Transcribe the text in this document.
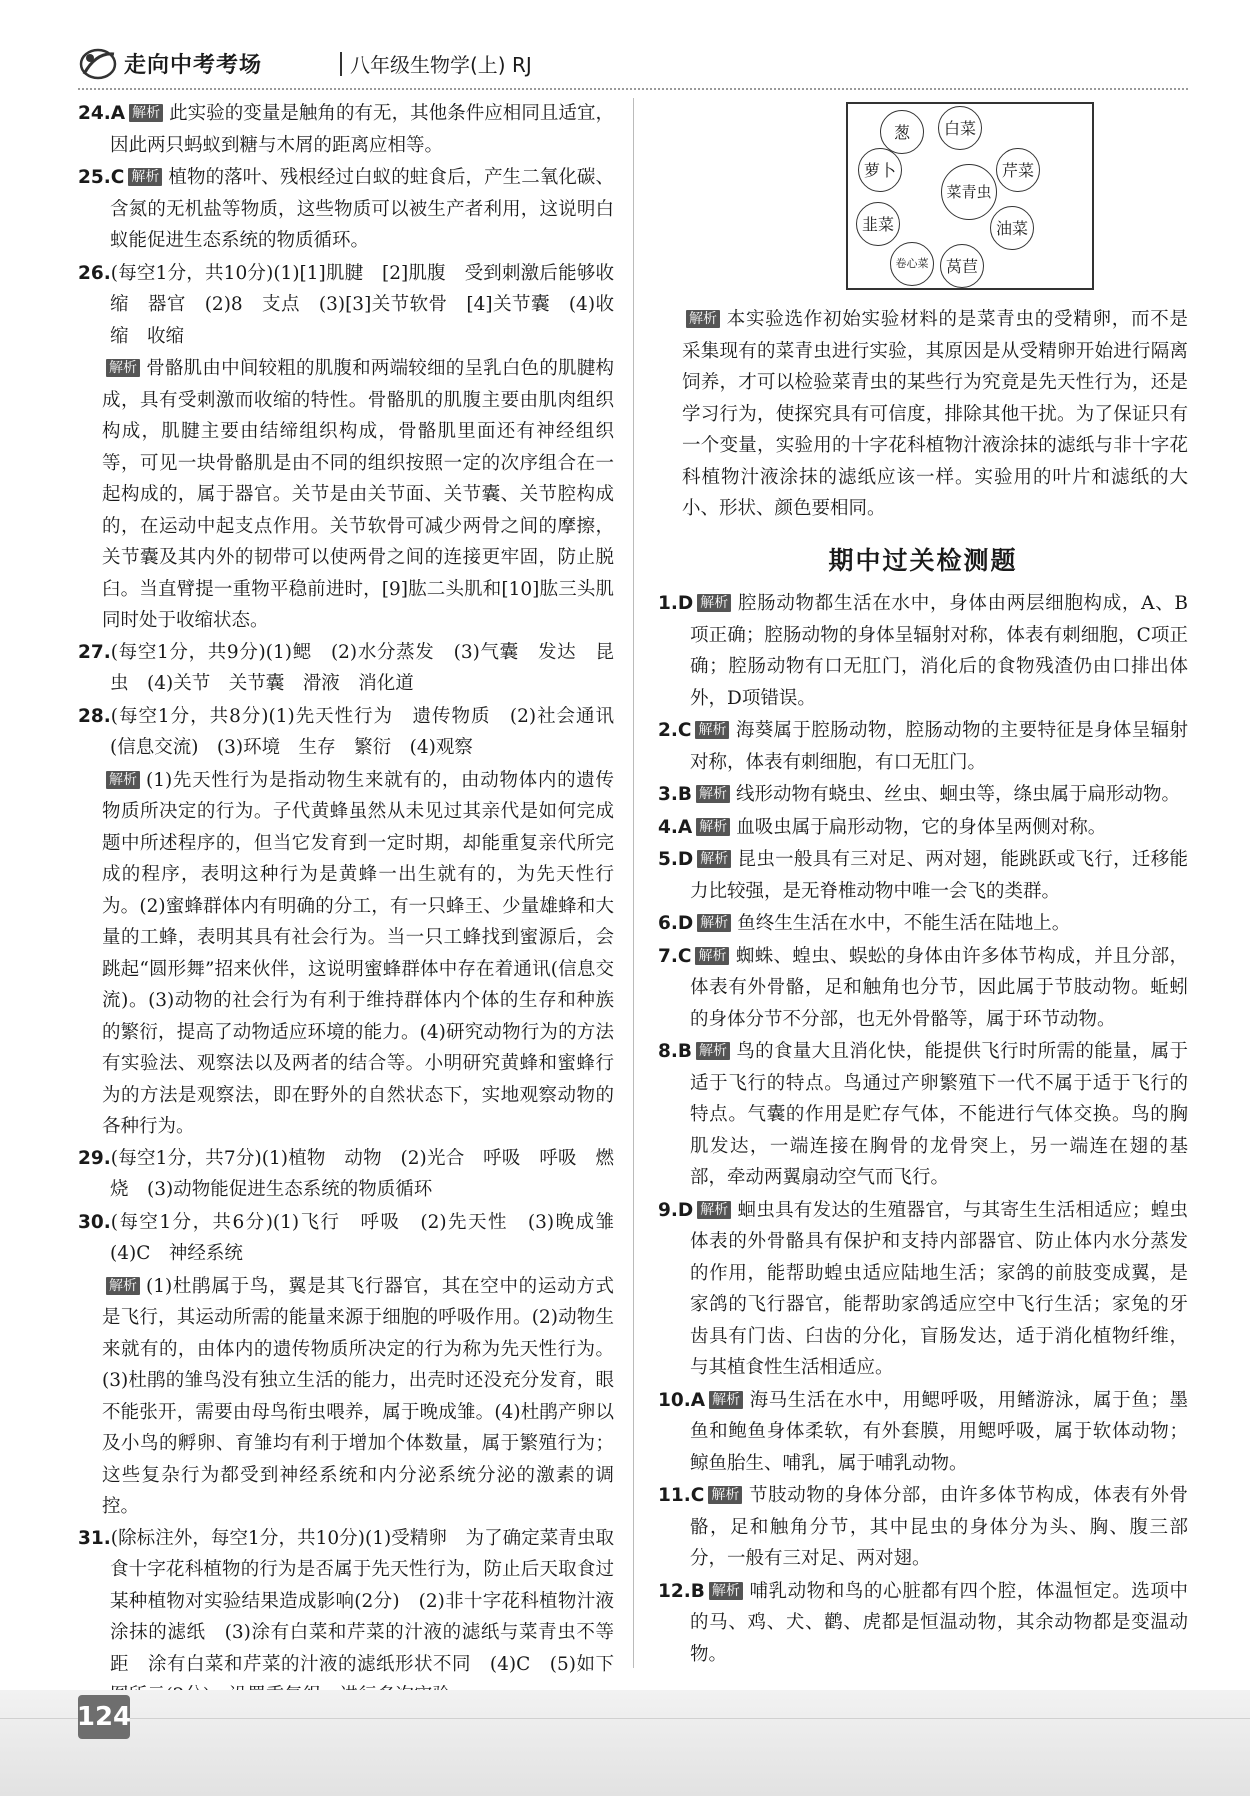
走向中考考场	八年级生物学(上) RJ
24.A 解析 此实验的变量是触角的有无，其他条件应相同且适宜，因此两只蚂蚁到糖与木屑的距离应相等。
25.C 解析 植物的落叶、残根经过白蚁的蛀食后，产生二氧化碳、含氮的无机盐等物质，这些物质可以被生产者利用，这说明白蚁能促进生态系统的物质循环。
26.(每空1分，共10分)(1)[1]肌腱　[2]肌腹　受到刺激后能够收缩　器官　(2)8　支点　(3)[3]关节软骨　[4]关节囊　(4)收缩　收缩
解析 骨骼肌由中间较粗的肌腹和两端较细的呈乳白色的肌腱构成，具有受刺激而收缩的特性。骨骼肌的肌腹主要由肌肉组织构成，肌腱主要由结缔组织构成，骨骼肌里面还有神经组织等，可见一块骨骼肌是由不同的组织按照一定的次序组合在一起构成的，属于器官。关节是由关节面、关节囊、关节腔构成的，在运动中起支点作用。关节软骨可减少两骨之间的摩擦，关节囊及其内外的韧带可以使两骨之间的连接更牢固，防止脱臼。当直臂提一重物平稳前进时，[9]肱二头肌和[10]肱三头肌同时处于收缩状态。
27.(每空1分，共9分)(1)鳃　(2)水分蒸发　(3)气囊　发达　昆虫　(4)关节　关节囊　滑液　消化道
28.(每空1分，共8分)(1)先天性行为　遗传物质　(2)社会通讯(信息交流)　(3)环境　生存　繁衍　(4)观察
解析 (1)先天性行为是指动物生来就有的，由动物体内的遗传物质所决定的行为。子代黄蜂虽然从未见过其亲代是如何完成题中所述程序的，但当它发育到一定时期，却能重复亲代所完成的程序，表明这种行为是黄蜂一出生就有的，为先天性行为。(2)蜜蜂群体内有明确的分工，有一只蜂王、少量雄蜂和大量的工蜂，表明其具有社会行为。当一只工蜂找到蜜源后，会跳起“圆形舞”招来伙伴，这说明蜜蜂群体中存在着通讯(信息交流)。(3)动物的社会行为有利于维持群体内个体的生存和种族的繁衍，提高了动物适应环境的能力。(4)研究动物行为的方法有实验法、观察法以及两者的结合等。小明研究黄蜂和蜜蜂行为的方法是观察法，即在野外的自然状态下，实地观察动物的各种行为。
29.(每空1分，共7分)(1)植物　动物　(2)光合　呼吸　呼吸　燃烧　(3)动物能促进生态系统的物质循环
30.(每空1分，共6分)(1)飞行　呼吸　(2)先天性　(3)晚成雏　(4)C　神经系统
解析 (1)杜鹃属于鸟，翼是其飞行器官，其在空中的运动方式是飞行，其运动所需的能量来源于细胞的呼吸作用。(2)动物生来就有的，由体内的遗传物质所决定的行为称为先天性行为。(3)杜鹃的雏鸟没有独立生活的能力，出壳时还没充分发育，眼不能张开，需要由母鸟衔虫喂养，属于晚成雏。(4)杜鹃产卵以及小鸟的孵卵、育雏均有利于增加个体数量，属于繁殖行为；这些复杂行为都受到神经系统和内分泌系统分泌的激素的调控。
31.(除标注外，每空1分，共10分)(1)受精卵　为了确定菜青虫取食十字花科植物的行为是否属于先天性行为，防止后天取食过某种植物对实验结果造成影响(2分)　(2)非十字花科植物汁液涂抹的滤纸　(3)涂有白菜和芹菜的汁液的滤纸与菜青虫不等距　涂有白菜和芹菜的汁液的滤纸形状不同　(4)C　(5)如下　
菜青虫
葱	白菜
芹菜
油菜
莴苣
卷心菜
韭菜
萝卜
解析 本实验选作初始实验材料的是菜青虫的受精卵，而不是采集现有的菜青虫进行实验，其原因是从受精卵开始进行隔离饲养，才可以检验菜青虫的某些行为究竟是先天性行为，还是学习行为，使探究具有可信度，排除其他干扰。为了保证只有一个变量，实验用的十字花科植物汁液涂抹的滤纸与非十字花科植物汁液涂抹的滤纸应该一样。实验用的叶片和滤纸的大小、形状、颜色要相同。
期中过关检测题
1.D 解析 腔肠动物都生活在水中，身体由两层细胞构成，A、B项正确；腔肠动物的身体呈辐射对称，体表有刺细胞，C项正确；腔肠动物有口无肛门，消化后的食物残渣仍由口排出体外，D项错误。
2.C 解析 海葵属于腔肠动物，腔肠动物的主要特征是身体呈辐射对称，体表有刺细胞，有口无肛门。
3.B 解析 线形动物有蛲虫、丝虫、蛔虫等，绦虫属于扁形动物。
4.A 解析 血吸虫属于扁形动物，它的身体呈两侧对称。
5.D 解析 昆虫一般具有三对足、两对翅，能跳跃或飞行，迁移能力比较强，是无脊椎动物中唯一会飞的类群。
6.D 解析 鱼终生生活在水中，不能生活在陆地上。
7.C 解析 蜘蛛、蝗虫、蜈蚣的身体由许多体节构成，并且分部，体表有外骨骼，足和触角也分节，因此属于节肢动物。蚯蚓的身体分节不分部，也无外骨骼等，属于环节动物。
8.B 解析 鸟的食量大且消化快，能提供飞行时所需的能量，属于适于飞行的特点。鸟通过产卵繁殖下一代不属于适于飞行的特点。气囊的作用是贮存气体，不能进行气体交换。鸟的胸肌发达，一端连接在胸骨的龙骨突上，另一端连在翅的基部，牵动两翼扇动空气而飞行。
9.D 解析 蛔虫具有发达的生殖器官，与其寄生生活相适应；蝗虫体表的外骨骼具有保护和支持内部器官、防止体内水分蒸发的作用，能帮助蝗虫适应陆地生活；家鸽的前肢变成翼，是家鸽的飞行器官，能帮助家鸽适应空中飞行生活；家兔的牙齿具有门齿、臼齿的分化，盲肠发达，适于消化植物纤维，与其植食性生活相适应。
10.A 解析 海马生活在水中，用鳃呼吸，用鳍游泳，属于鱼；墨鱼和鲍鱼身体柔软，有外套膜，用鳃呼吸，属于软体动物；鲸鱼胎生、哺乳，属于哺乳动物。
11.C 解析 节肢动物的身体分部，由许多体节构成，体表有外骨骼，足和触角分节，其中昆虫的身体分为头、胸、腹三部分，一般有三对足、两对翅。
12.B 解析 哺乳动物和鸟的心脏都有四个腔，体温恒定。选项中的马、鸡、犬、鹳、虎都是恒温动物，其余动物都是变温动物。
124
